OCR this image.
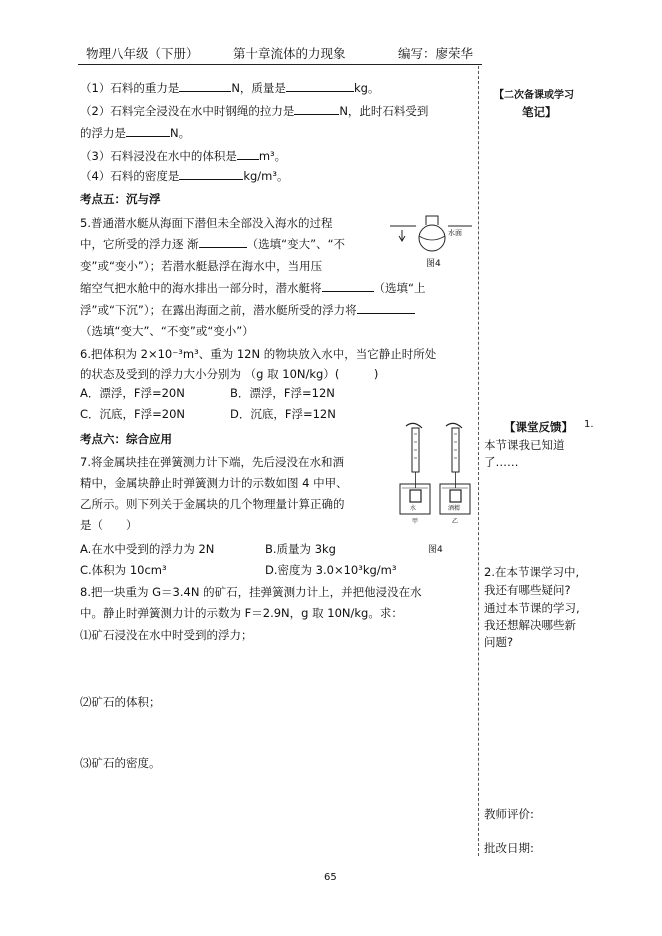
物理八年级（下册）	第十章流体的力现象	编写：廖荣华
（1）石料的重力是	N，质量是	kg。
（2）石料完全浸没在水中时钢绳的拉力是	N，此时石料受到
的浮力是	N。
（3）石料浸没在水中的体积是 m³。
（4）石料的密度是	kg/m³。
考点五：沉与浮
5.普通潜水艇从海面下潜但未全部没入海水的过程
中，它所受的浮力逐 渐	（选填“变大”、“不
变”或“变小”）；若潜水艇悬浮在海水中，当用压
缩空气把水舱中的海水排出一部分时，潜水艇将	（选填“上
浮”或“下沉”）；在露出海面之前，潜水艇所受的浮力将
（选填“变大”、“不变”或“变小”）
水面
图4
6.把体积为 2×10⁻³m³、重为 12N 的物块放入水中，当它静止时所处
的状态及受到的浮力大小分别为 （g 取 10N/kg）(　　　)
A．漂浮，F浮=20N	B．漂浮，F浮=12N
C．沉底，F浮=20N	D．沉底，F浮=12N
考点六：综合应用
7.将金属块挂在弹簧测力计下端，先后浸没在水和酒
精中，金属块静止时弹簧测力计的示数如图 4 中甲、
乙所示。则下列关于金属块的几个物理量计算正确的
是（　　）
A.在水中受到的浮力为 2N	B.质量为 3kg
C.体积为 10cm³	D.密度为 3.0×10³kg/m³
水	酒精
甲	乙
图4
8.把一块重为 G＝3.4N 的矿石，挂弹簧测力计上，并把他浸没在水
中。静止时弹簧测力计的示数为 F＝2.9N，g 取 10N/kg。求：
⑴矿石浸没在水中时受到的浮力；
⑵矿石的体积；
⑶矿石的密度。
【二次备课或学习
笔记】
【课堂反馈】 1.
本节课我已知道
了……
2.在本节课学习中,
我还有哪些疑问?
通过本节课的学习,
我还想解决哪些新
问题?
教师评价:
批改日期:
65
